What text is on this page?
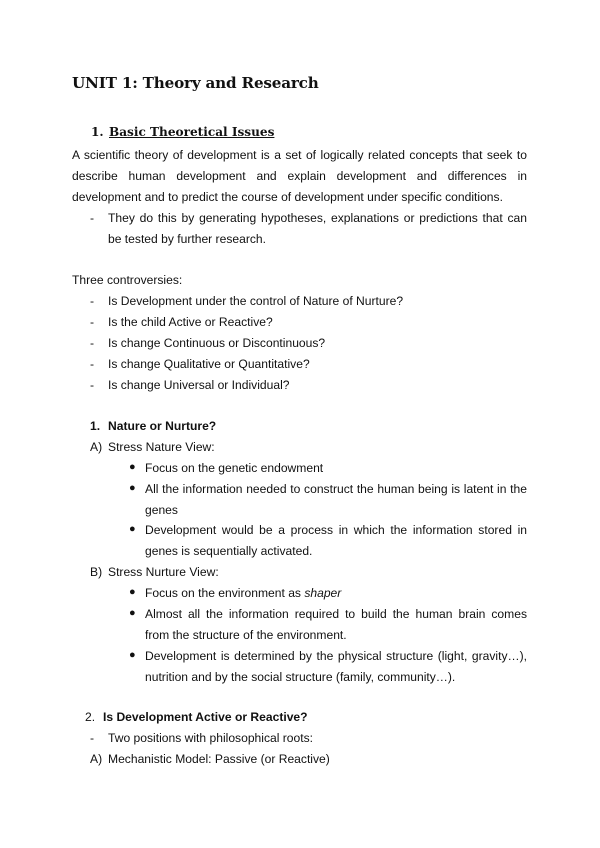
UNIT 1: Theory and Research
1. Basic Theoretical Issues
A scientific theory of development is a set of logically related concepts that seek to
describe human development and explain development and differences in
development and to predict the course of development under specific conditions.
- They do this by generating hypotheses, explanations or predictions that can
be tested by further research.
Three controversies:
- Is Development under the control of Nature of Nurture?
- Is the child Active or Reactive?
- Is change Continuous or Discontinuous?
- Is change Qualitative or Quantitative?
- Is change Universal or Individual?
1. Nature or Nurture?
A) Stress Nature View:
● Focus on the genetic endowment
● All the information needed to construct the human being is latent in the
genes
● Development would be a process in which the information stored in
genes is sequentially activated.
B) Stress Nurture View:
● Focus on the environment as shaper
● Almost all the information required to build the human brain comes
from the structure of the environment.
● Development is determined by the physical structure (light, gravity…),
nutrition and by the social structure (family, community…).
2. Is Development Active or Reactive?
- Two positions with philosophical roots:
A) Mechanistic Model: Passive (or Reactive)
